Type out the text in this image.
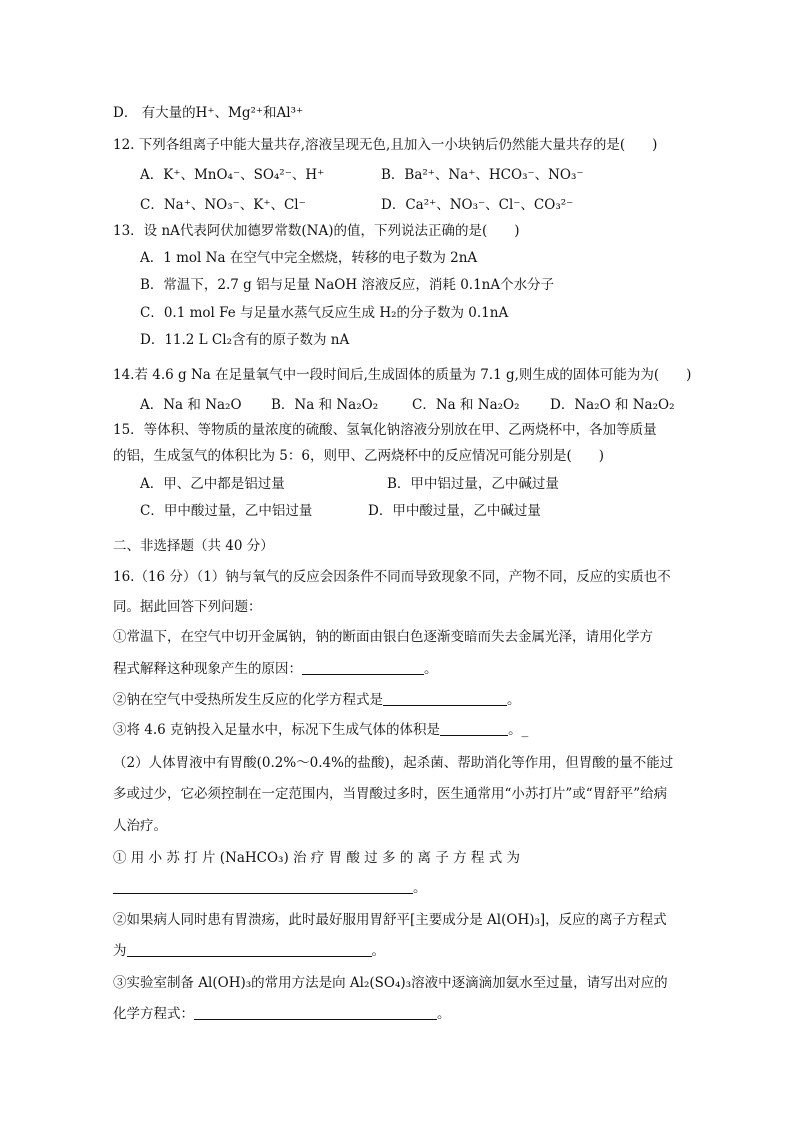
D． 有大量的H⁺、Mg²⁺和Al³⁺
12. 下列各组离子中能大量共存,溶液呈现无色,且加入一小块钠后仍然能大量共存的是(　　)
A．K⁺、MnO₄⁻、SO₄²⁻、H⁺	B．Ba²⁺、Na⁺、HCO₃⁻、NO₃⁻
C．Na⁺、NO₃⁻、K⁺、Cl⁻	D．Ca²⁺、NO₃⁻、Cl⁻、CO₃²⁻
13．设 nA代表阿伏加德罗常数(NA)的值，下列说法正确的是(　　)
A．1 mol Na 在空气中完全燃烧，转移的电子数为 2nA
B．常温下，2.7 g 铝与足量 NaOH 溶液反应，消耗 0.1nA个水分子
C．0.1 mol Fe 与足量水蒸气反应生成 H₂的分子数为 0.1nA
D．11.2 L Cl₂含有的原子数为 nA
14.若 4.6 g Na 在足量氧气中一段时间后,生成固体的质量为 7.1 g,则生成的固体可能为为(　　)
A．Na 和 Na₂O B．Na 和 Na₂O₂	C．Na 和 Na₂O₂ D．Na₂O 和 Na₂O₂
15．等体积、等物质的量浓度的硫酸、氢氧化钠溶液分别放在甲、乙两烧杯中，各加等质量
的铝，生成氢气的体积比为 5：6，则甲、乙两烧杯中的反应情况可能分别是(　　)
A．甲、乙中都是铝过量	B．甲中铝过量，乙中碱过量
C．甲中酸过量，乙中铝过量	D．甲中酸过量，乙中碱过量
二、非选择题（共 40 分）
16.（16 分）（1）钠与氧气的反应会因条件不同而导致现象不同，产物不同，反应的实质也不
同。据此回答下列问题：
①常温下，在空气中切开金属钠，钠的断面由银白色逐渐变暗而失去金属光泽，请用化学方
程式解释这种现象产生的原因：	。
②钠在空气中受热所发生反应的化学方程式是	。
③将 4.6 克钠投入足量水中，标况下生成气体的体积是	。_
（2）人体胃液中有胃酸(0.2%～0.4%的盐酸)，起杀菌、帮助消化等作用，但胃酸的量不能过
多或过少，它必须控制在一定范围内，当胃酸过多时，医生通常用“小苏打片”或“胃舒平”给病
人治疗。
① 用 小 苏 打 片 (NaHCO₃) 治 疗 胃 酸 过 多 的 离 子 方 程 式 为
。
②如果病人同时患有胃溃疡，此时最好服用胃舒平[主要成分是 Al(OH)₃]，反应的离子方程式
为	。
③实验室制备 Al(OH)₃的常用方法是向 Al₂(SO₄)₃溶液中逐滴滴加氨水至过量，请写出对应的
化学方程式：	。
